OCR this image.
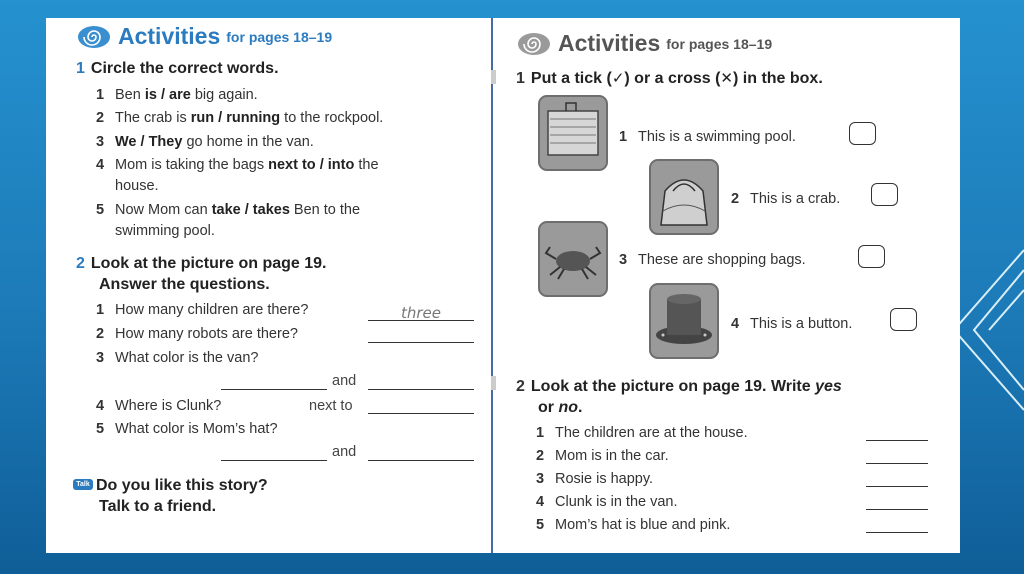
Activities for pages 18–19
1 Circle the correct words.
1 Ben is / are big again.
2 The crab is run / running to the rockpool.
3 We / They go home in the van.
4 Mom is taking the bags next to / into the
house.
5 Now Mom can take / takes Ben to the
swimming pool.
2 Look at the picture on page 19.
Answer the questions.
1 How many children are there?	three
2 How many robots are there?
3 What color is the van?
and
4 Where is Clunk?	next to
5 What color is Mom’s hat?
and
Talk Do you like this story?
Talk to a friend.
Activities for pages 18–19
1 Put a tick (✓) or a cross (✕) in the box.
1 This is a swimming pool.
2 This is a crab.
3 These are shopping bags.
4 This is a button.
2 Look at the picture on page 19. Write yes
or no.
1 The children are at the house.
2 Mom is in the car.
3 Rosie is happy.
4 Clunk is in the van.
5 Mom’s hat is blue and pink.
